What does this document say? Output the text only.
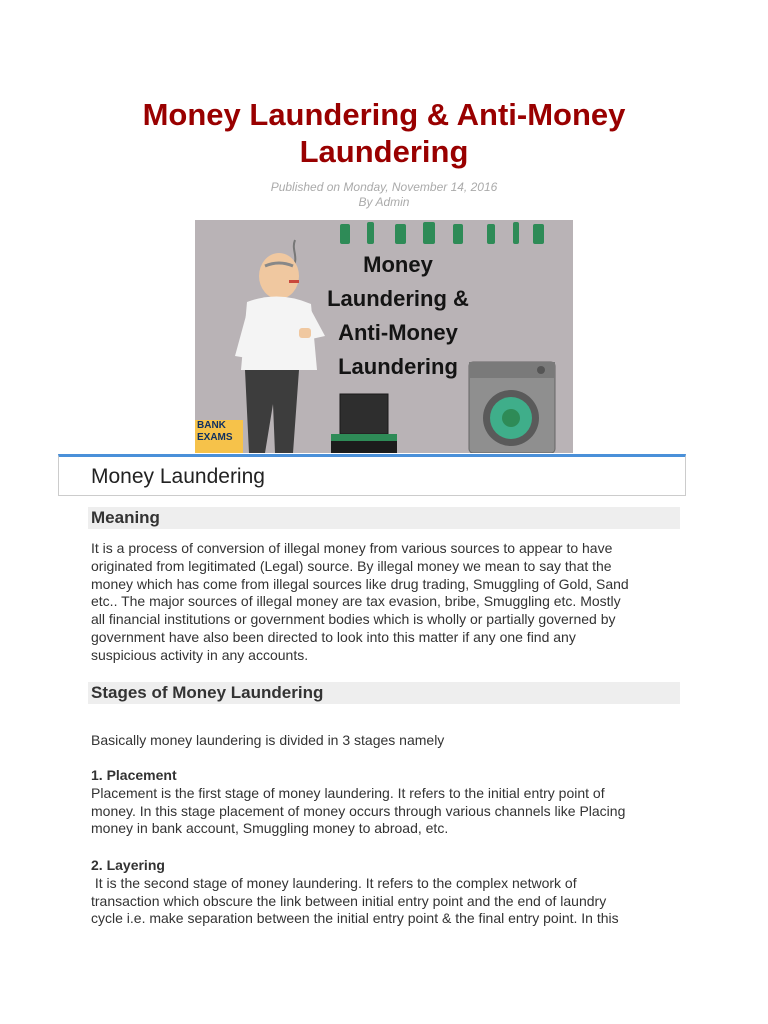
Money Laundering & Anti-Money
Laundering
Published on Monday, November 14, 2016
By Admin
Money
Laundering &
Anti-Money
Laundering
BANK
EXAMS
Money Laundering
Meaning

It is a process of conversion of illegal money from various sources to appear to have
originated from legitimated (Legal) source. By illegal money we mean to say that the
money which has come from illegal sources like drug trading, Smuggling of Gold, Sand
etc.. The major sources of illegal money are tax evasion, bribe, Smuggling etc. Mostly
all financial institutions or government bodies which is wholly or partially governed by
government have also been directed to look into this matter if any one find any
suspicious activity in any accounts.

Stages of Money Laundering

Basically money laundering is divided in 3 stages namely

1. Placement
Placement is the first stage of money laundering. It refers to the initial entry point of
money. In this stage placement of money occurs through various channels like Placing
money in bank account, Smuggling money to abroad, etc.

2. Layering
It is the second stage of money laundering. It refers to the complex network of
transaction which obscure the link between initial entry point and the end of laundry
cycle i.e. make separation between the initial entry point & the final entry point. In this
